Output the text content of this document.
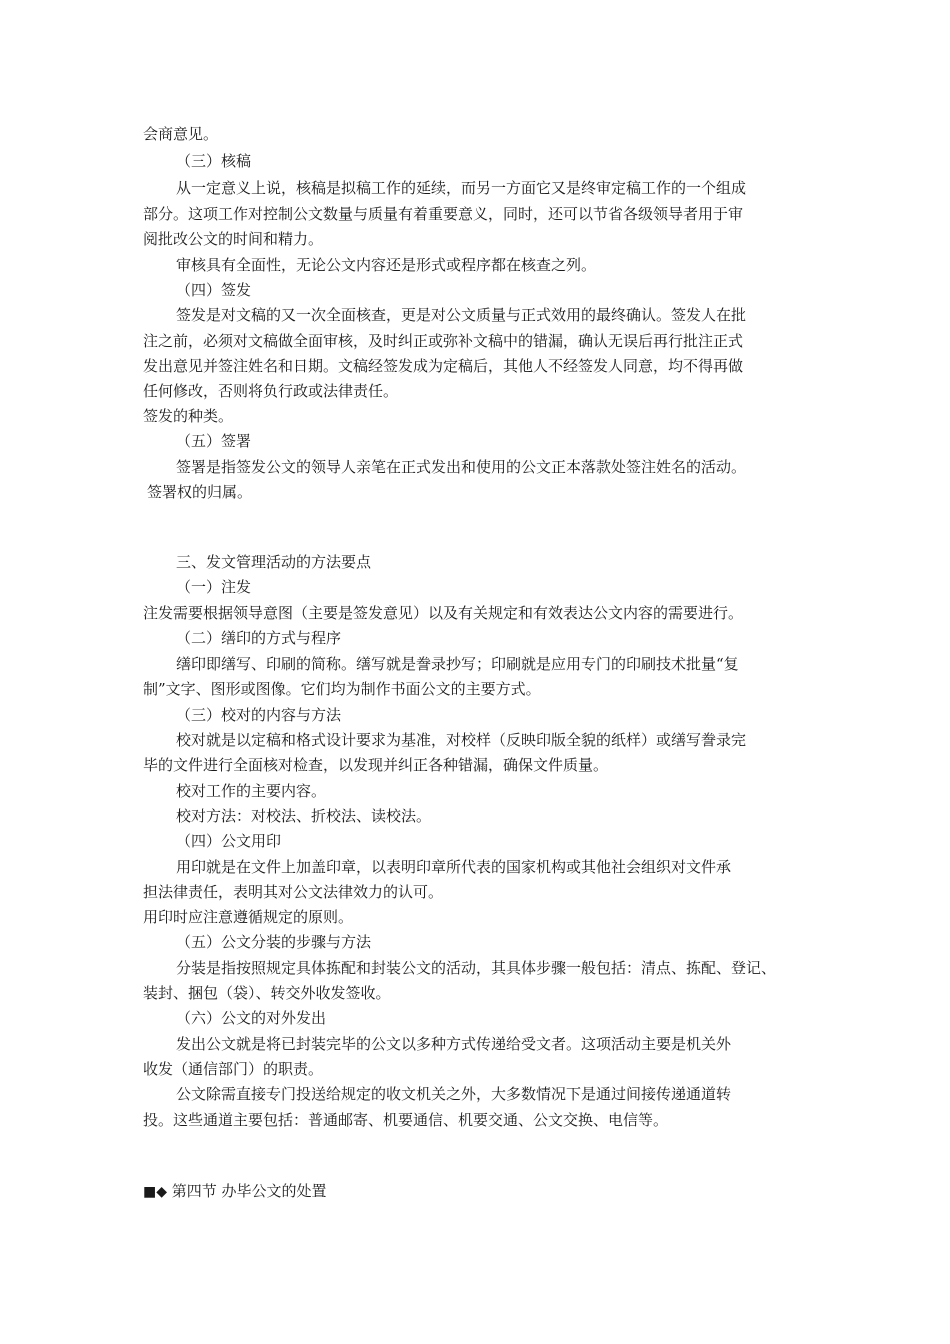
会商意见。
（三）核稿
从一定意义上说，核稿是拟稿工作的延续，而另一方面它又是终审定稿工作的一个组成
部分。这项工作对控制公文数量与质量有着重要意义，同时，还可以节省各级领导者用于审
阅批改公文的时间和精力。
审核具有全面性，无论公文内容还是形式或程序都在核查之列。
（四）签发
签发是对文稿的又一次全面核查，更是对公文质量与正式效用的最终确认。签发人在批
注之前，必须对文稿做全面审核，及时纠正或弥补文稿中的错漏，确认无误后再行批注正式
发出意见并签注姓名和日期。文稿经签发成为定稿后，其他人不经签发人同意，均不得再做
任何修改，否则将负行政或法律责任。
签发的种类。
（五）签署
签署是指签发公文的领导人亲笔在正式发出和使用的公文正本落款处签注姓名的活动。
签署权的归属。
三、发文管理活动的方法要点
（一）注发
注发需要根据领导意图（主要是签发意见）以及有关规定和有效表达公文内容的需要进行。
（二）缮印的方式与程序
缮印即缮写、印刷的简称。缮写就是誊录抄写；印刷就是应用专门的印刷技术批量“复
制”文字、图形或图像。它们均为制作书面公文的主要方式。
（三）校对的内容与方法
校对就是以定稿和格式设计要求为基准，对校样（反映印版全貌的纸样）或缮写誊录完
毕的文件进行全面核对检查，以发现并纠正各种错漏，确保文件质量。
校对工作的主要内容。
校对方法：对校法、折校法、读校法。
（四）公文用印
用印就是在文件上加盖印章，以表明印章所代表的国家机构或其他社会组织对文件承
担法律责任，表明其对公文法律效力的认可。
用印时应注意遵循规定的原则。
（五）公文分装的步骤与方法
分装是指按照规定具体拣配和封装公文的活动，其具体步骤一般包括：清点、拣配、登记、
装封、捆包（袋）、转交外收发签收。
（六）公文的对外发出
发出公文就是将已封装完毕的公文以多种方式传递给受文者。这项活动主要是机关外
收发（通信部门）的职责。
公文除需直接专门投送给规定的收文机关之外，大多数情况下是通过间接传递通道转
投。这些通道主要包括：普通邮寄、机要通信、机要交通、公文交换、电信等。
■◆ 第四节 办毕公文的处置
